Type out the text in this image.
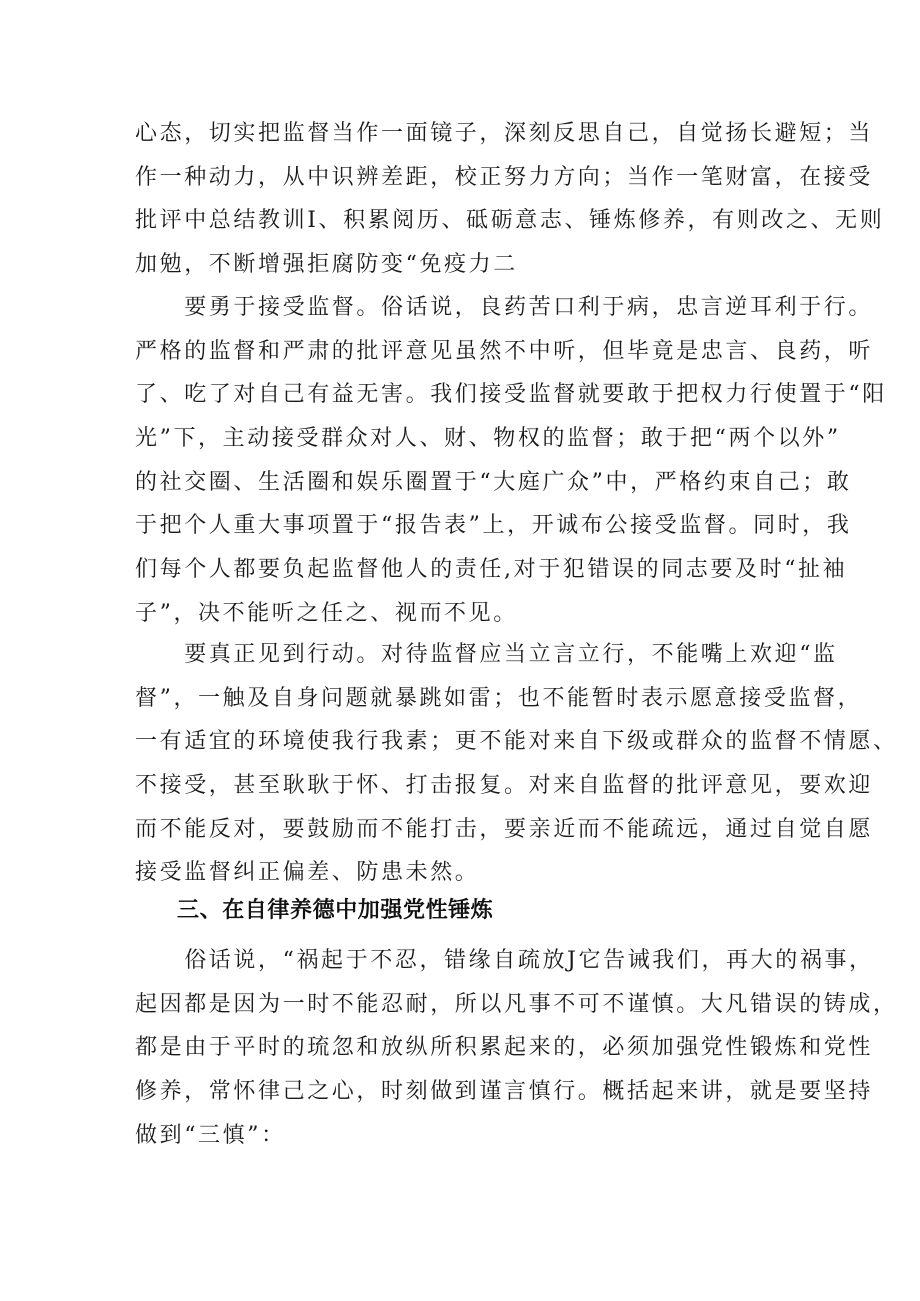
心态，切实把监督当作一面镜子，深刻反思自己，自觉扬长避短；当
作一种动力，从中识辨差距，校正努力方向；当作一笔财富，在接受
批评中总结教训I、积累阅历、砥砺意志、锤炼修养，有则改之、无则
加勉，不断增强拒腐防变“免疫力二
　　要勇于接受监督。俗话说，良药苦口利于病，忠言逆耳利于行。
严格的监督和严肃的批评意见虽然不中听，但毕竟是忠言、良药，听
了、吃了对自己有益无害。我们接受监督就要敢于把权力行使置于“阳
光”下，主动接受群众对人、财、物权的监督；敢于把“两个以外”
的社交圈、生活圈和娱乐圈置于“大庭广众”中，严格约束自己；敢
于把个人重大事项置于“报告表”上，开诚布公接受监督。同时，我
们每个人都要负起监督他人的责任,对于犯错误的同志要及时“扯袖
子”，决不能听之任之、视而不见。
　　要真正见到行动。对待监督应当立言立行，不能嘴上欢迎“监
督”，一触及自身问题就暴跳如雷；也不能暂时表示愿意接受监督，
一有适宜的环境使我行我素；更不能对来自下级或群众的监督不情愿、
不接受，甚至耿耿于怀、打击报复。对来自监督的批评意见，要欢迎
而不能反对，要鼓励而不能打击，要亲近而不能疏远，通过自觉自愿
接受监督纠正偏差、防患未然。
三、在自律养德中加强党性锤炼
　　俗话说，“祸起于不忍，错缘自疏放J它告诫我们，再大的祸事，
起因都是因为一时不能忍耐，所以凡事不可不谨慎。大凡错误的铸成，
都是由于平时的琉忽和放纵所积累起来的，必须加强党性锻炼和党性
修养，常怀律己之心，时刻做到谨言慎行。概括起来讲，就是要坚持
做到“三慎”：
